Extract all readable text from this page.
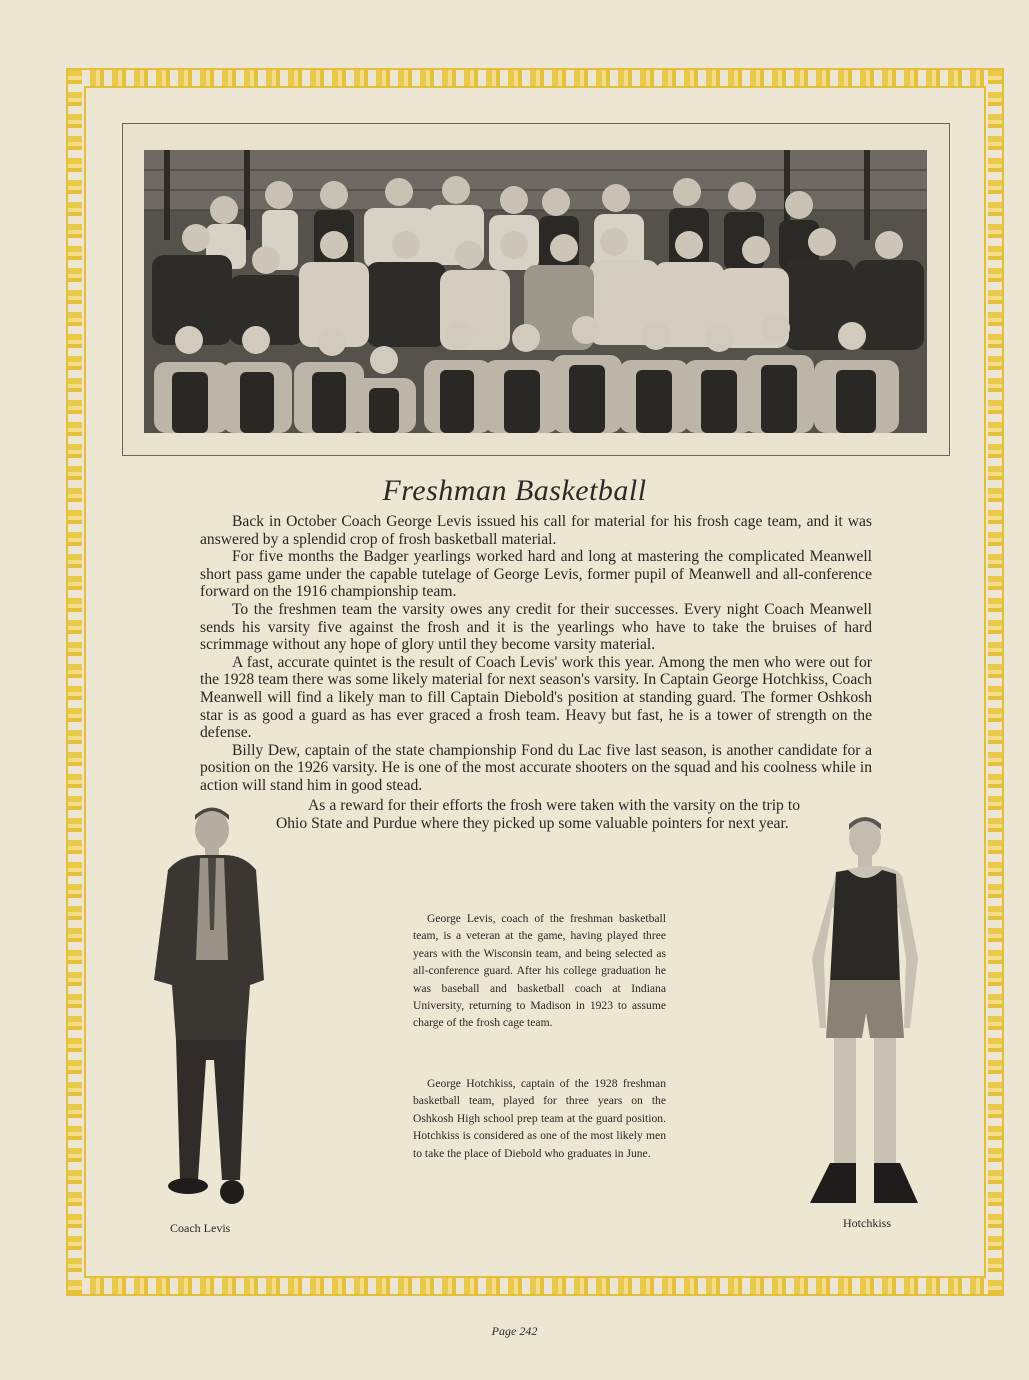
Freshman Basketball

Back in October Coach George Levis issued his call for material for his frosh cage team, and it was answered by a splendid crop of frosh basketball material.

For five months the Badger yearlings worked hard and long at mastering the complicated Meanwell short pass game under the capable tutelage of George Levis, former pupil of Meanwell and all-conference forward on the 1916 championship team.

To the freshmen team the varsity owes any credit for their successes. Every night Coach Meanwell sends his varsity five against the frosh and it is the yearlings who have to take the bruises of hard scrimmage without any hope of glory until they become varsity material.

A fast, accurate quintet is the result of Coach Levis' work this year. Among the men who were out for the 1928 team there was some likely material for next season's varsity. In Captain George Hotchkiss, Coach Meanwell will find a likely man to fill Captain Diebold's position at standing guard. The former Oshkosh star is as good a guard as has ever graced a frosh team. Heavy but fast, he is a tower of strength on the defense.

Billy Dew, captain of the state championship Fond du Lac five last season, is another candidate for a position on the 1926 varsity. He is one of the most accurate shooters on the squad and his coolness while in action will stand him in good stead.

As a reward for their efforts the frosh were taken with the varsity on the trip to Ohio State and Purdue where they picked up some valuable pointers for next year.

George Levis, coach of the freshman basketball team, is a veteran at the game, having played three years with the Wisconsin team, and being selected as all-conference guard. After his college graduation he was baseball and basketball coach at Indiana University, returning to Madison in 1923 to assume charge of the frosh cage team.

George Hotchkiss, captain of the 1928 freshman basketball team, played for three years on the Oshkosh High school prep team at the guard position. Hotchkiss is considered as one of the most likely men to take the place of Diebold who graduates in June.

Coach Levis	Hotchkiss
Page 242
